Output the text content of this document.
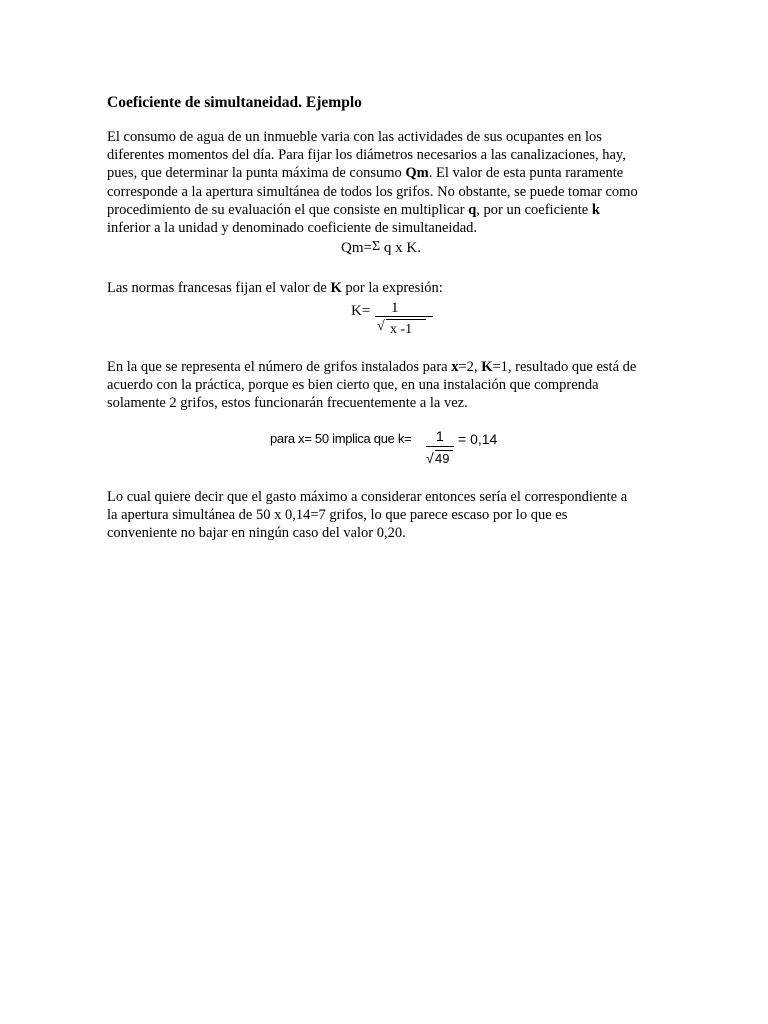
Coeficiente de simultaneidad. Ejemplo
El consumo de agua de un inmueble varia con las actividades de sus ocupantes en los
diferentes momentos del día. Para fijar los diámetros necesarios a las canalizaciones, hay,
pues, que determinar la punta máxima de consumo Qm. El valor de esta punta raramente
corresponde a la apertura simultánea de todos los grifos. No obstante, se puede tomar como
procedimiento de su evaluación el que consiste en multiplicar q, por un coeficiente k
inferior a la unidad y denominado coeficiente de simultaneidad.
Qm=Σ q x K.
Las normas francesas fijan el valor de K por la expresión:
K= 1
√ x -1
En la que se representa el número de grifos instalados para x=2, K=1, resultado que está de
acuerdo con la práctica, porque es bien cierto que, en una instalación que comprenda
solamente 2 grifos, estos funcionarán frecuentemente a la vez.
para x= 50 implica que k= 1
√ 49
= 0,14
Lo cual quiere decir que el gasto máximo a considerar entonces sería el correspondiente a
la apertura simultánea de 50 x 0,14=7 grifos, lo que parece escaso por lo que es
conveniente no bajar en ningún caso del valor 0,20.
